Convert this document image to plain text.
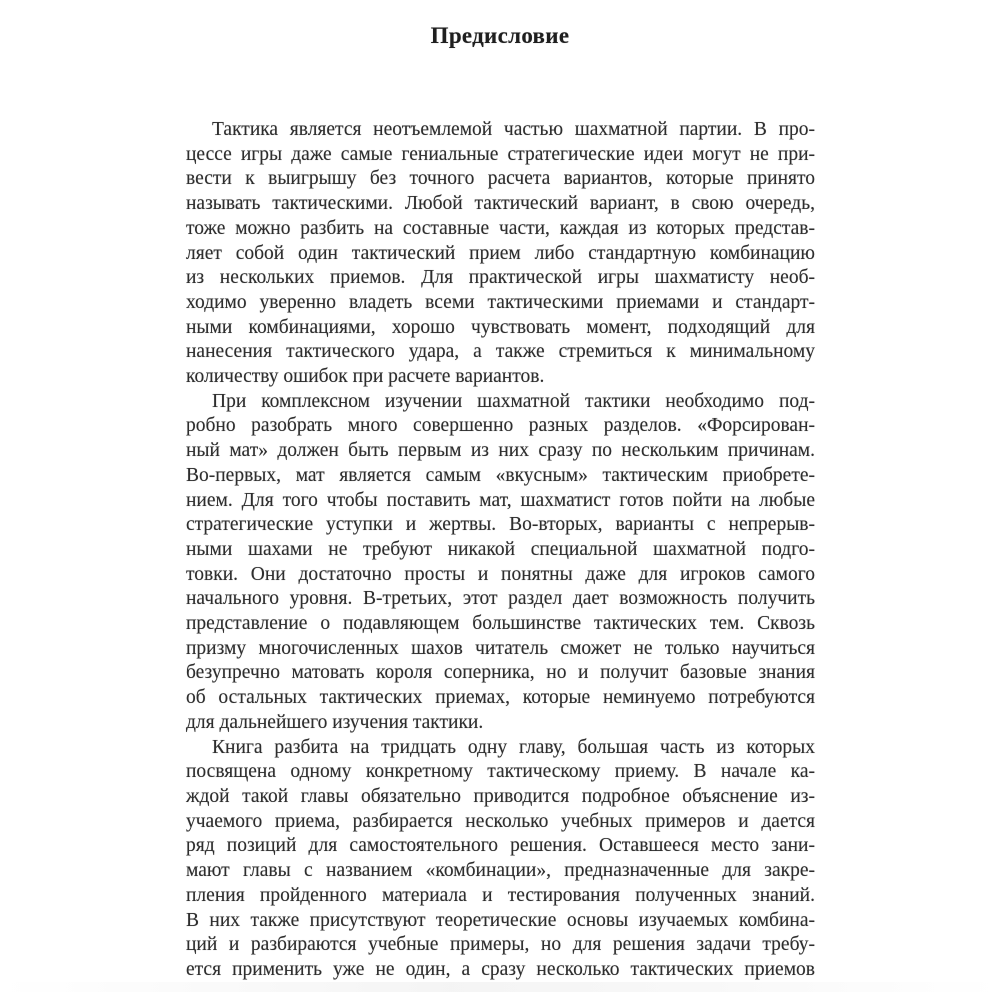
Предисловие
Тактика является неотъемлемой частью шахматной партии. В про-
цессе игры даже самые гениальные стратегические идеи могут не при-
вести к выигрышу без точного расчета вариантов, которые принято
называть тактическими. Любой тактический вариант, в свою очередь,
тоже можно разбить на составные части, каждая из которых представ-
ляет собой один тактический прием либо стандартную комбинацию
из нескольких приемов. Для практической игры шахматисту необ-
ходимо уверенно владеть всеми тактическими приемами и стандарт-
ными комбинациями, хорошо чувствовать момент, подходящий для
нанесения тактического удара, а также стремиться к минимальному
количеству ошибок при расчете вариантов.
При комплексном изучении шахматной тактики необходимо под-
робно разобрать много совершенно разных разделов. «Форсирован-
ный мат» должен быть первым из них сразу по нескольким причинам.
Во-первых, мат является самым «вкусным» тактическим приобрете-
нием. Для того чтобы поставить мат, шахматист готов пойти на любые
стратегические уступки и жертвы. Во-вторых, варианты с непрерыв-
ными шахами не требуют никакой специальной шахматной подго-
товки. Они достаточно просты и понятны даже для игроков самого
начального уровня. В-третьих, этот раздел дает возможность получить
представление о подавляющем большинстве тактических тем. Сквозь
призму многочисленных шахов читатель сможет не только научиться
безупречно матовать короля соперника, но и получит базовые знания
об остальных тактических приемах, которые неминуемо потребуются
для дальнейшего изучения тактики.
Книга разбита на тридцать одну главу, большая часть из которых
посвящена одному конкретному тактическому приему. В начале ка-
ждой такой главы обязательно приводится подробное объяснение из-
учаемого приема, разбирается несколько учебных примеров и дается
ряд позиций для самостоятельного решения. Оставшееся место зани-
мают главы с названием «комбинации», предназначенные для закре-
пления пройденного материала и тестирования полученных знаний.
В них также присутствуют теоретические основы изучаемых комбина-
ций и разбираются учебные примеры, но для решения задачи требу-
ется применить уже не один, а сразу несколько тактических приемов
